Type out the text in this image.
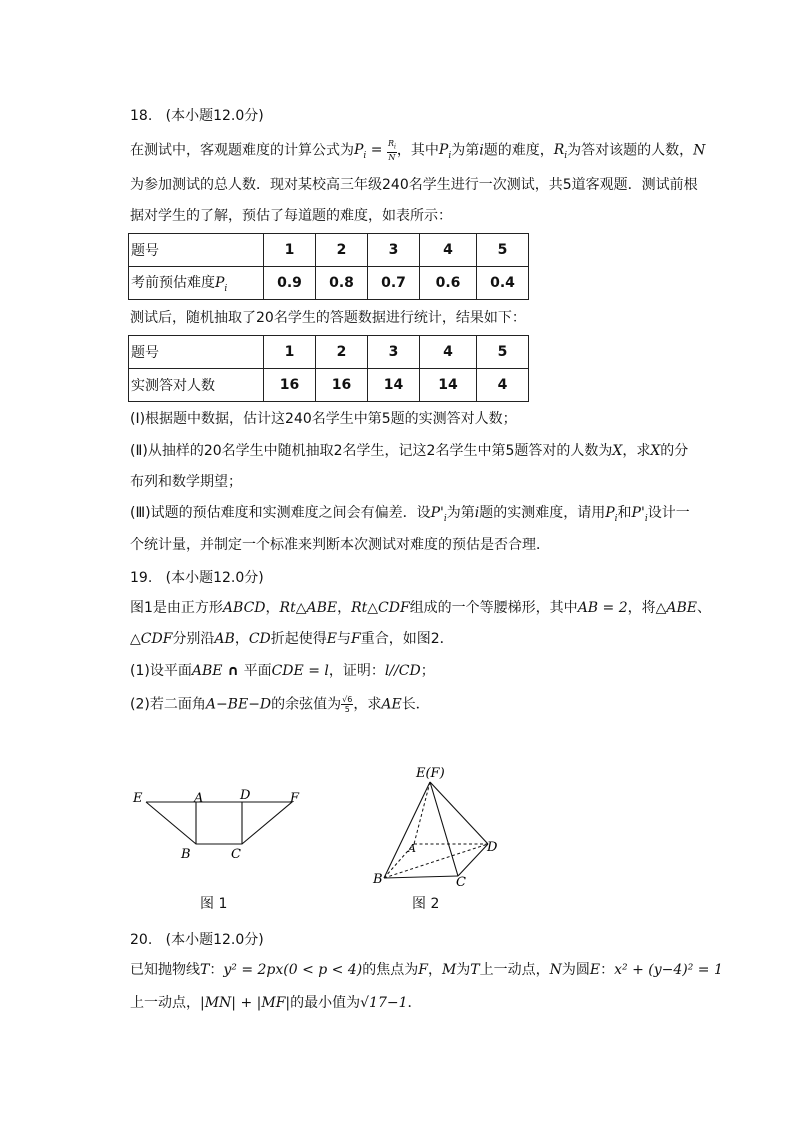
18. (本小题12.0分)
在测试中，客观题难度的计算公式为$P_i = \frac{R_i}{N}$ ，其中$P_i$为第i题的难度，$R_i$为答对该题的人数，N
为参加测试的总人数．现对某校高三年级240名学生进行一次测试，共5道客观题．测试前根
据对学生的了解，预估了每道题的难度，如表所示：
题号	1	2	3	4	5
考前预估难度$P_i$	0.9	0.8	0.7	0.6	0.4
测试后，随机抽取了20名学生的答题数据进行统计，结果如下：
题号	1	2	3	4	5
实测答对人数	16	16	14	14	4
(Ⅰ)根据题中数据，估计这240名学生中第5题的实测答对人数；
(Ⅱ)从抽样的20名学生中随机抽取2名学生，记这2名学生中第5题答对的人数为X，求X的分
布列和数学期望；
(Ⅲ)试题的预估难度和实测难度之间会有偏差．设$P'_i$为第i题的实测难度，请用$P_i$和$P'_i$设计一
个统计量，并制定一个标准来判断本次测试对难度的预估是否合理．
19. (本小题12.0分)
图1是由正方形ABCD，Rt△ABE，Rt△CDF组成的一个等腰梯形，其中AB = 2，将△ABE、
△CDF分别沿AB，CD折起使得E与F重合，如图2．
(1)设平面ABE ∩ 平面CDE = l，证明：l//CD；
(2)若二面角A−BE−D的余弦值为 $\frac{√6}{5}$ ，求AE长．
E	A	D	F
B	C
图 1
E(F)
A	D
B	C
图 2
20. (本小题12.0分)
已知抛物线T：y² = 2px(0 < p < 4)的焦点为F，M为T上一动点，N为圆E：x² + (y−4)² = 1
上一动点，|MN| + |MF|的最小值为√17−1．
